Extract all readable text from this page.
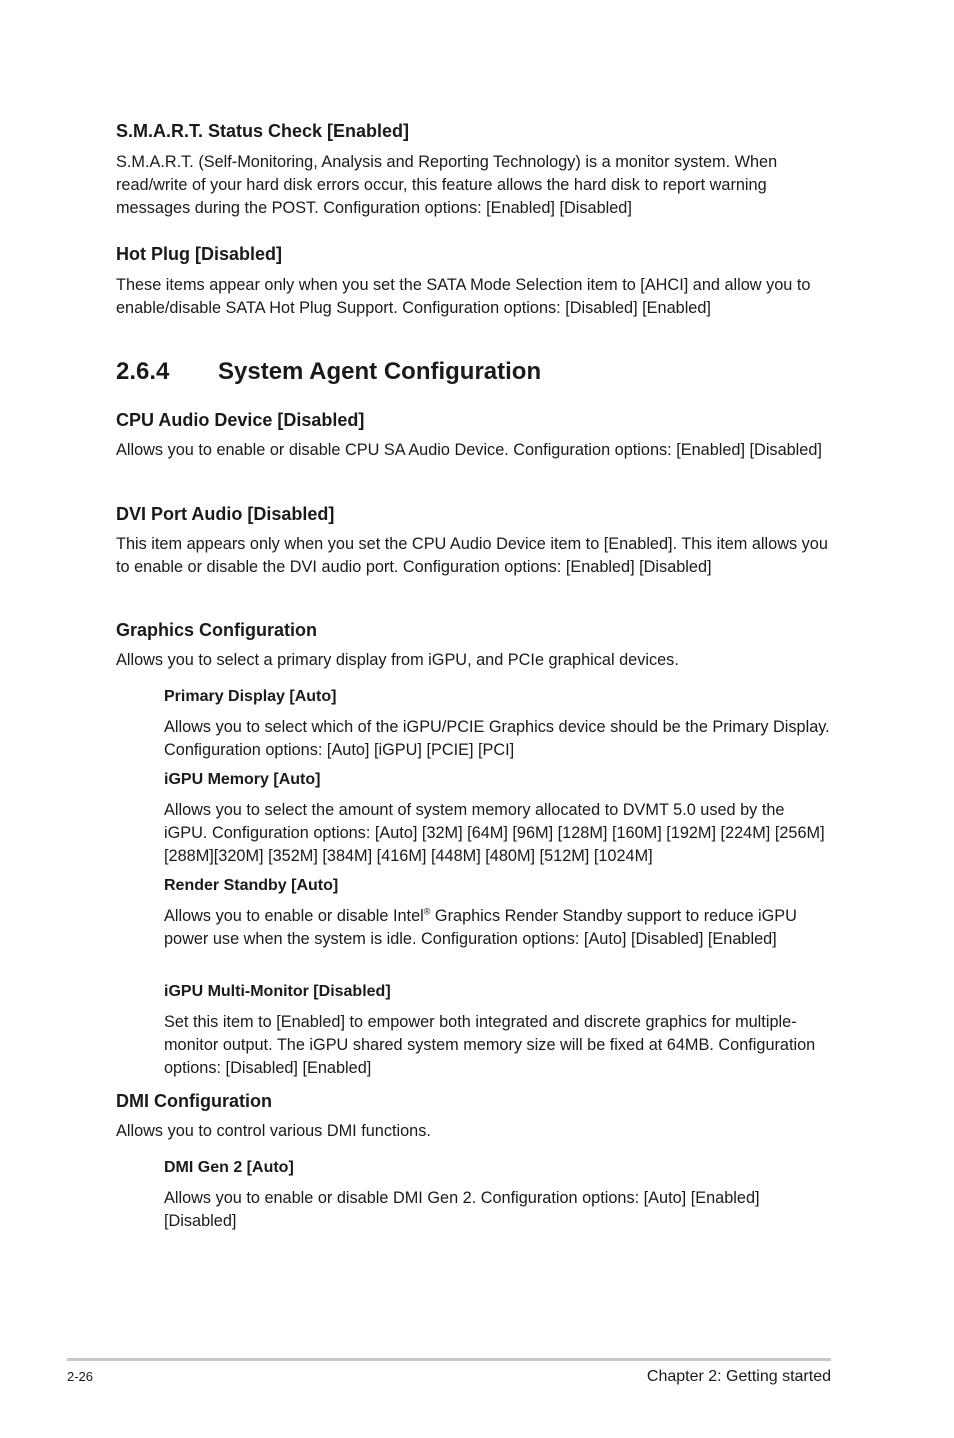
S.M.A.R.T. Status Check [Enabled]

S.M.A.R.T. (Self-Monitoring, Analysis and Reporting Technology) is a monitor system. When read/write of your hard disk errors occur, this feature allows the hard disk to report warning messages during the POST. Configuration options: [Enabled] [Disabled]

Hot Plug [Disabled]

These items appear only when you set the SATA Mode Selection item to [AHCI] and allow you to enable/disable SATA Hot Plug Support. Configuration options: [Disabled] [Enabled]

2.6.4 System Agent Configuration
CPU Audio Device [Disabled]

Allows you to enable or disable CPU SA Audio Device. Configuration options: [Enabled] [Disabled]

DVI Port Audio [Disabled]

This item appears only when you set the CPU Audio Device item to [Enabled]. This item allows you to enable or disable the DVI audio port. Configuration options: [Enabled] [Disabled]

Graphics Configuration

Allows you to select a primary display from iGPU, and PCIe graphical devices.

Primary Display [Auto]

Allows you to select which of the iGPU/PCIE Graphics device should be the Primary Display. Configuration options: [Auto] [iGPU] [PCIE] [PCI]

iGPU Memory [Auto]

Allows you to select the amount of system memory allocated to DVMT 5.0 used by the iGPU. Configuration options: [Auto] [32M] [64M] [96M] [128M] [160M] [192M] [224M] [256M] [288M][320M] [352M] [384M] [416M] [448M] [480M] [512M] [1024M]

Render Standby [Auto]

Allows you to enable or disable Intel® Graphics Render Standby support to reduce iGPU power use when the system is idle. Configuration options: [Auto] [Disabled] [Enabled]

iGPU Multi-Monitor [Disabled]

Set this item to [Enabled] to empower both integrated and discrete graphics for multiple-monitor output. The iGPU shared system memory size will be fixed at 64MB. Configuration options: [Disabled] [Enabled]

DMI Configuration

Allows you to control various DMI functions.

DMI Gen 2 [Auto]

Allows you to enable or disable DMI Gen 2. Configuration options: [Auto] [Enabled] [Disabled]

2-26	Chapter 2: Getting started
